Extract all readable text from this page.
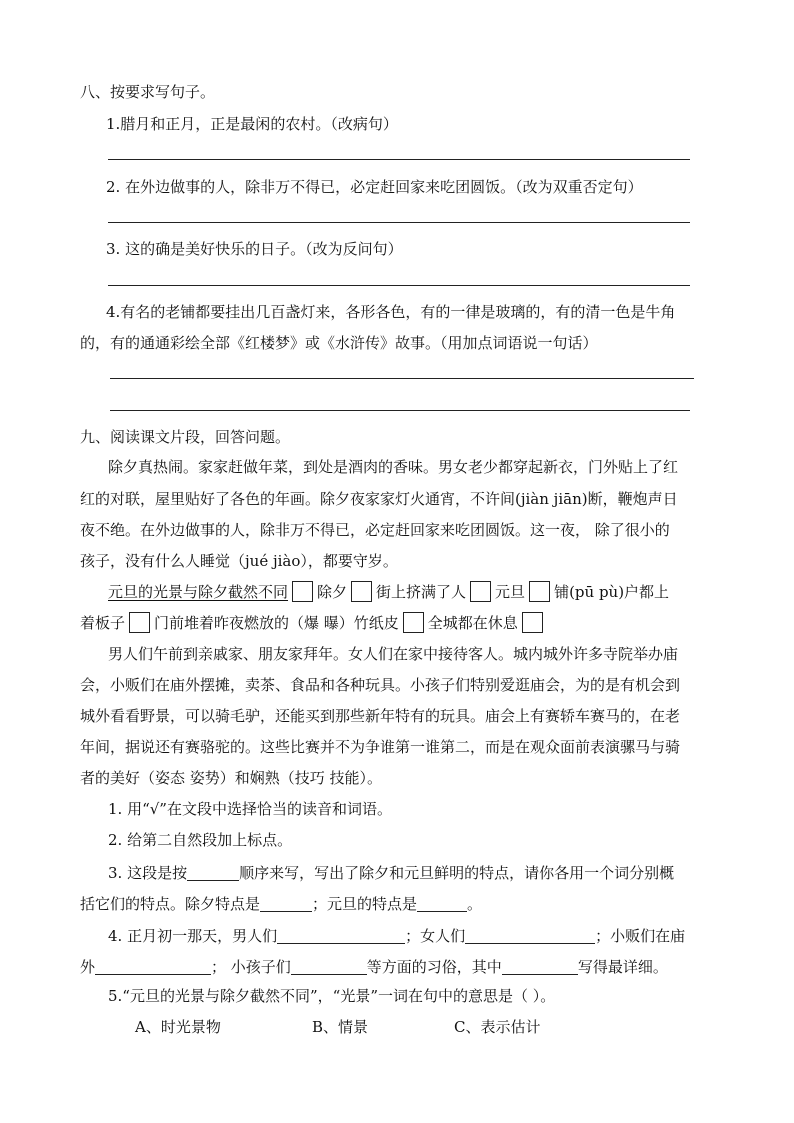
八、按要求写句子。
1.腊月和正月，正是最闲的农村。（改病句）
2. 在外边做事的人，除非万不得已，必定赶回家来吃团圆饭。（改为双重否定句）
3. 这的确是美好快乐的日子。（改为反问句）
4.有名的老铺都要挂出几百盏灯来，各形各色，有的一律是玻璃的，有的清一色是牛角
的，有的通通彩绘全部《红楼梦》或《水浒传》故事。（用加点词语说一句话）
九、阅读课文片段，回答问题。
除夕真热闹。家家赶做年菜，到处是酒肉的香味。男女老少都穿起新衣，门外贴上了红
红的对联，屋里贴好了各色的年画。除夕夜家家灯火通宵，不许间(jiàn jiān)断，鞭炮声日
夜不绝。在外边做事的人，除非万不得已，必定赶回家来吃团圆饭。这一夜， 除了很小的
孩子，没有什么人睡觉（jué jiào），都要守岁。
元旦的光景与除夕截然不同 除夕 街上挤满了人 元旦 铺(pū pù)户都上
着板子 门前堆着昨夜燃放的（爆 曝）竹纸皮 全城都在休息
男人们午前到亲戚家、朋友家拜年。女人们在家中接待客人。城内城外许多寺院举办庙
会，小贩们在庙外摆摊，卖茶、食品和各种玩具。小孩子们特别爱逛庙会，为的是有机会到
城外看看野景，可以骑毛驴，还能买到那些新年特有的玩具。庙会上有赛轿车赛马的，在老
年间，据说还有赛骆驼的。这些比赛并不为争谁第一谁第二，而是在观众面前表演骡马与骑
者的美好（姿态 姿势）和娴熟（技巧 技能）。
1. 用“√”在文段中选择恰当的读音和词语。
2. 给第二自然段加上标点。
3. 这段是按	顺序来写，写出了除夕和元旦鲜明的特点，请你各用一个词分别概
括它们的特点。除夕特点是	；元旦的特点是	。
4. 正月初一那天，男人们	；女人们	；小贩们在庙
外	； 小孩子们	等方面的习俗，其中	写得最详细。
5.“元旦的光景与除夕截然不同”，“光景”一词在句中的意思是（ ）。
A、时光景物	B、情景	C、表示估计
